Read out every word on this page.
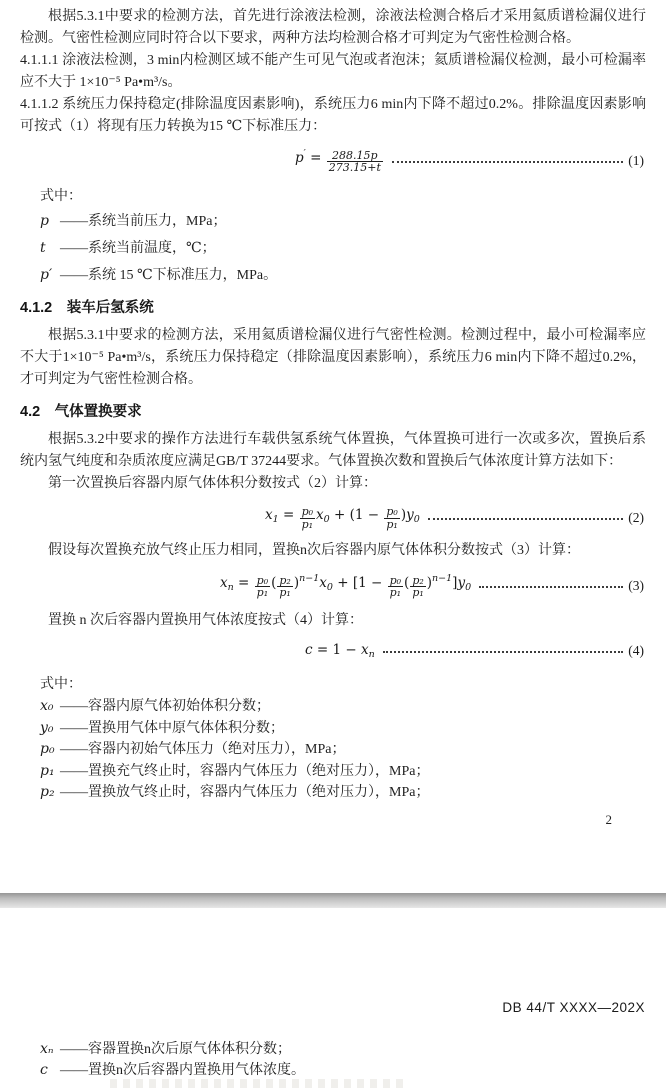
根据5.3.1中要求的检测方法，首先进行涂液法检测，涂液法检测合格后才采用氦质谱检漏仪进行检测。气密性检测应同时符合以下要求，两种方法均检测合格才可判定为气密性检测合格。

4.1.1.1 涂液法检测，3 min内检测区域不能产生可见气泡或者泡沫；氦质谱检漏仪检测，最小可检漏率应不大于 1×10⁻⁵ Pa•m³/s。

4.1.1.2 系统压力保持稳定(排除温度因素影响)，系统压力6 min内下降不超过0.2%。排除温度因素影响可按式（1）将现有压力转换为15 ℃下标准压力：

$p' = \frac{288.15p}{273.15+t}$	(1)

式中：

p ——系统当前压力，MPa；
t	——系统当前温度，℃；
p′ ——系统 15 ℃下标准压力，MPa。
4.1.2　装车后氢系统

根据5.3.1中要求的检测方法，采用氦质谱检漏仪进行气密性检测。检测过程中，最小可检漏率应不大于1×10⁻⁵ Pa•m³/s，系统压力保持稳定（排除温度因素影响），系统压力6 min内下降不超过0.2%，才可判定为气密性检测合格。

4.2　气体置换要求

根据5.3.2中要求的操作方法进行车载供氢系统气体置换，气体置换可进行一次或多次，置换后系统内氢气纯度和杂质浓度应满足GB/T 37244要求。气体置换次数和置换后气体浓度计算方法如下：

第一次置换后容器内原气体体积分数按式（2）计算：

$x_1 = \frac{\text{p₀}}{\text{p₁}} x_0 + (1 - \frac{\text{p₀}}{\text{p₁}} )y_0$	(2)

假设每次置换充放气终止压力相同，置换n次后容器内原气体体积分数按式（3）计算：

$x_n = \frac{\text{p₀}}{\text{p₁}}$ ( $\frac{\text{p₂}}{\text{p₁}} )^{n-1}x_0 + [1 - \frac{\text{p₀}}{\text{p₁}}$ ( $\frac{\text{p₂}}{\text{p₁}} )^{n-1}]y_0$	(3)

置换 n 次后容器内置换用气体浓度按式（4）计算：

$c = 1 - x_n$	(4)

式中：

x₀ ——容器内原气体初始体积分数；
y₀ ——置换用气体中原气体体积分数；
p₀ ——容器内初始气体压力（绝对压力），MPa；
p₁ ——置换充气终止时，容器内气体压力（绝对压力），MPa；
p₂ ——置换放气终止时，容器内气体压力（绝对压力），MPa；
2
DB 44/T XXXX—202X
xₙ ——容器置换n次后原气体体积分数；
c ——置换n次后容器内置换用气体浓度。
